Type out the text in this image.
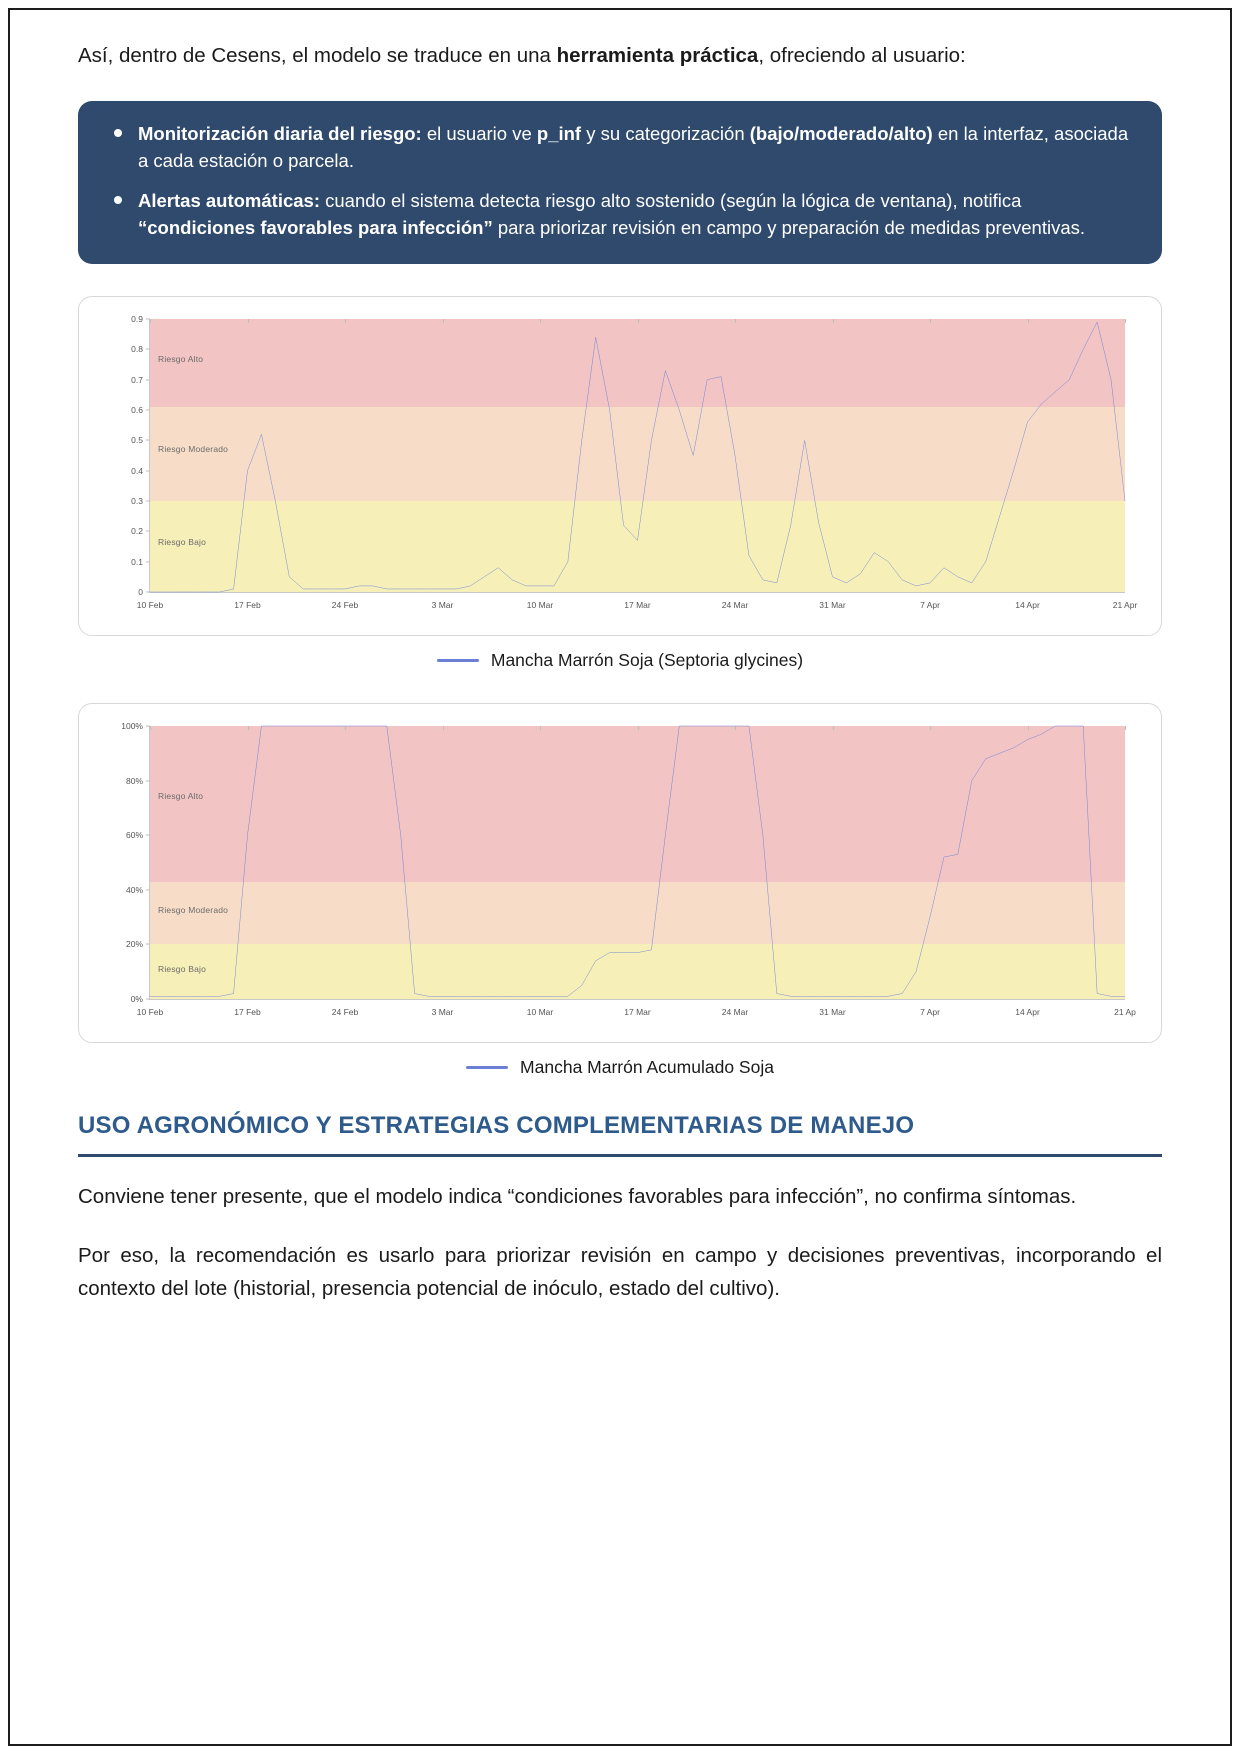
Así, dentro de Cesens, el modelo se traduce en una herramienta práctica, ofreciendo al usuario:

Monitorización diaria del riesgo: el usuario ve p_inf y su categorización (bajo/moderado/alto) en la interfaz, asociada a cada estación o parcela.
Alertas automáticas: cuando el sistema detecta riesgo alto sostenido (según la lógica de ventana), notifica “condiciones favorables para infección” para priorizar revisión en campo y preparación de medidas preventivas.
Riesgo Bajo
Riesgo Moderado
Riesgo Alto
0
0.1
0.2
0.3
0.4
0.5
0.6
0.7
0.8
0.9
10 Feb	17 Feb	24 Feb	3 Mar	10 Mar	17 Mar	24 Mar	31 Mar	7 Apr	14 Apr	21 Apr
Mancha Marrón Soja (Septoria glycines)
Riesgo Bajo
Riesgo Moderado
Riesgo Alto
0%
20%
40%
60%
80%
100%
10 Feb	17 Feb	24 Feb	3 Mar	10 Mar	17 Mar	24 Mar	31 Mar	7 Apr	14 Apr	21 Ap
Mancha Marrón Acumulado Soja
USO AGRONÓMICO Y ESTRATEGIAS COMPLEMENTARIAS DE MANEJO

Conviene tener presente, que el modelo indica “condiciones favorables para infección”, no confirma síntomas.

Por eso, la recomendación es usarlo para priorizar revisión en campo y decisiones preventivas, incorporando el contexto del lote (historial, presencia potencial de inóculo, estado del cultivo).
